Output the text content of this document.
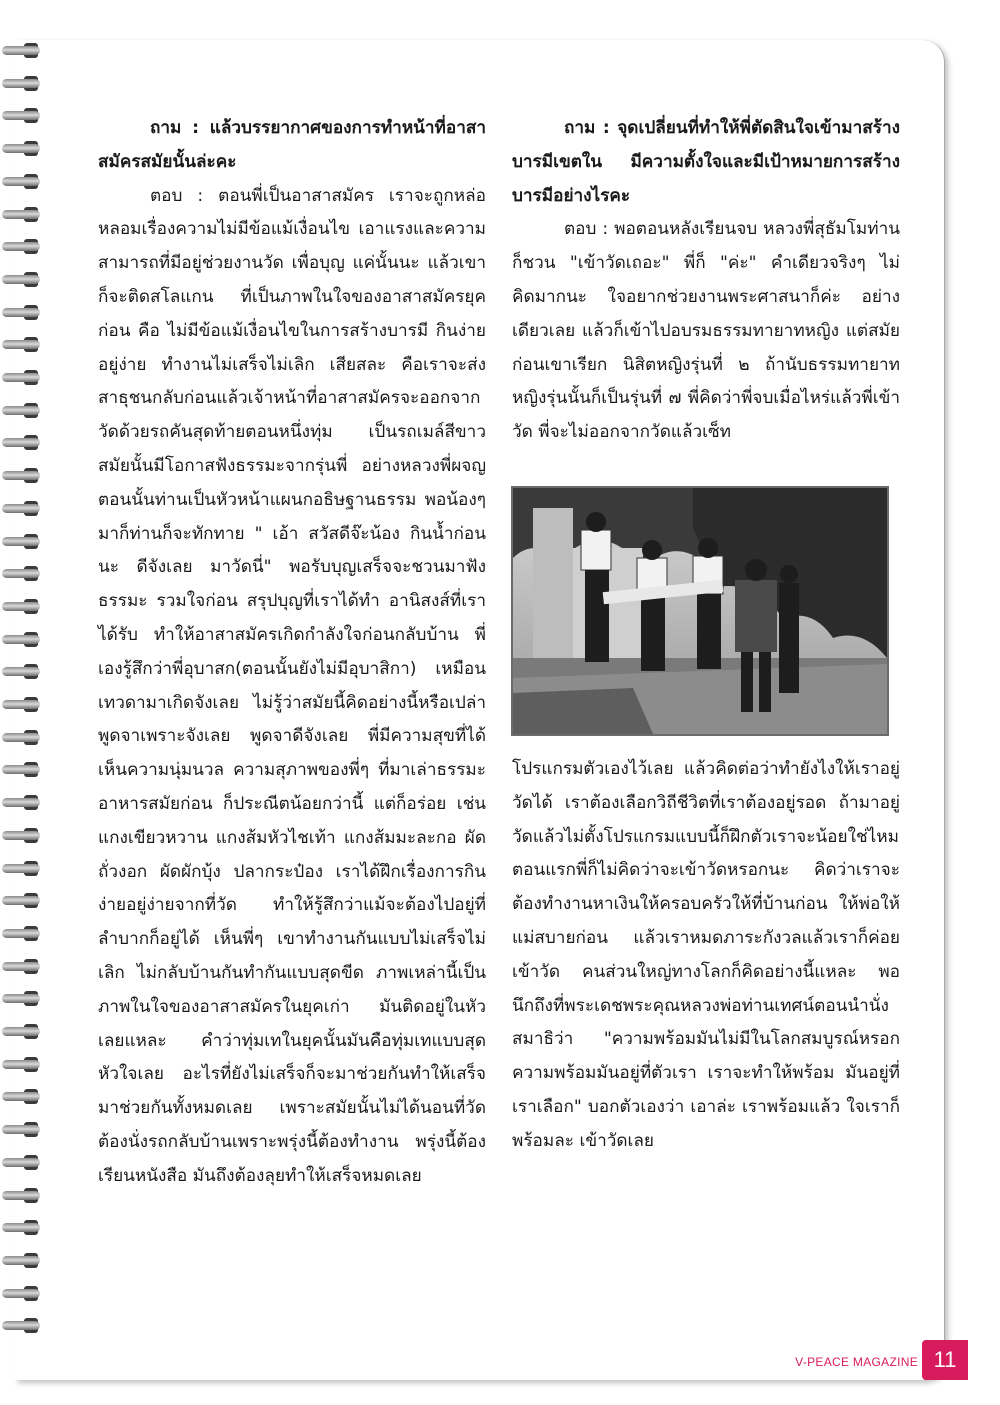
ถาม : แล้วบรรยากาศของการทำหน้าที่อาสาสมัครสมัยนั้นล่ะคะ

ตอบ : ตอนพี่เป็นอาสาสมัคร เราจะถูกหล่อหลอมเรื่องความไม่มีข้อแม้เงื่อนไข เอาแรงและความสามารถที่มีอยู่ช่วยงานวัด เพื่อบุญ แค่นั้นนะ แล้วเขาก็จะติดสโลแกน ที่เป็นภาพในใจของอาสาสมัครยุคก่อน คือ ไม่มีข้อแม้เงื่อนไขในการสร้างบารมี กินง่ายอยู่ง่าย ทำงานไม่เสร็จไม่เลิก เสียสละ คือเราจะส่งสาธุชนกลับก่อนแล้วเจ้าหน้าที่อาสาสมัครจะออกจากวัดด้วยรถคันสุดท้ายตอนหนึ่งทุ่ม เป็นรถเมล์สีขาว สมัยนั้นมีโอกาสฟังธรรมะจากรุ่นพี่ อย่างหลวงพี่ผจญ ตอนนั้นท่านเป็นหัวหน้าแผนกอธิษฐานธรรม พอน้องๆ มาก็ท่านก็จะทักทาย " เอ้า สวัสดีจ๊ะน้อง กินน้ำก่อนนะ ดีจังเลย มาวัดนี่" พอรับบุญเสร็จจะชวนมาฟังธรรมะ รวมใจก่อน สรุปบุญที่เราได้ทำ อานิสงส์ที่เราได้รับ ทำให้อาสาสมัครเกิดกำลังใจก่อนกลับบ้าน พี่เองรู้สึกว่าพี่อุบาสก(ตอนนั้นยังไม่มีอุบาสิกา) เหมือนเทวดามาเกิดจังเลย ไม่รู้ว่าสมัยนี้คิดอย่างนี้หรือเปล่า พูดจาเพราะจังเลย พูดจาดีจังเลย พี่มีความสุขที่ได้เห็นความนุ่มนวล ความสุภาพของพี่ๆ ที่มาเล่าธรรมะ อาหารสมัยก่อน ก็ประณีตน้อยกว่านี้ แต่ก็อร่อย เช่น แกงเขียวหวาน แกงส้มหัวไชเท้า แกงส้มมะละกอ ผัดถั่วงอก ผัดผักบุ้ง ปลากระป๋อง เราได้ฝึกเรื่องการกินง่ายอยู่ง่ายจากที่วัด ทำให้รู้สึกว่าแม้จะต้องไปอยู่ที่ลำบากก็อยู่ได้ เห็นพี่ๆ เขาทำงานกันแบบไม่เสร็จไม่เลิก ไม่กลับบ้านกันทำกันแบบสุดขีด ภาพเหล่านี้เป็นภาพในใจของอาสาสมัครในยุคเก่า มันติดอยู่ในหัวเลยแหละ คำว่าทุ่มเทในยุคนั้นมันคือทุ่มเทแบบสุดหัวใจเลย อะไรที่ยังไม่เสร็จก็จะมาช่วยกันทำให้เสร็จ มาช่วยกันทั้งหมดเลย เพราะสมัยนั้นไม่ได้นอนที่วัด ต้องนั่งรถกลับบ้านเพราะพรุ่งนี้ต้องทำงาน พรุ่งนี้ต้องเรียนหนังสือ มันถึงต้องลุยทำให้เสร็จหมดเลย

ถาม : จุดเปลี่ยนที่ทำให้พี่ตัดสินใจเข้ามาสร้างบารมีเขตใน มีความตั้งใจและมีเป้าหมายการสร้างบารมีอย่างไรคะ

ตอบ : พอตอนหลังเรียนจบ หลวงพี่สุธัมโมท่านก็ชวน "เข้าวัดเถอะ" พี่ก็ "ค่ะ" คำเดียวจริงๆ ไม่คิดมากนะ ใจอยากช่วยงานพระศาสนาก็ค่ะ อย่างเดียวเลย แล้วก็เข้าไปอบรมธรรมทายาทหญิง แต่สมัยก่อนเขาเรียก นิสิตหญิงรุ่นที่ ๒ ถ้านับธรรมทายาทหญิงรุ่นนั้นก็เป็นรุ่นที่ ๗ พี่คิดว่าพี่จบเมื่อไหร่แล้วพี่เข้าวัด พี่จะไม่ออกจากวัดแล้วเซ็ท

โปรแกรมตัวเองไว้เลย แล้วคิดต่อว่าทำยังไงให้เราอยู่วัดได้ เราต้องเลือกวิถีชีวิตที่เราต้องอยู่รอด ถ้ามาอยู่วัดแล้วไม่ตั้งโปรแกรมแบบนี้ก็ฝึกตัวเราจะน้อยใช่ไหม ตอนแรกพี่ก็ไม่คิดว่าจะเข้าวัดหรอกนะ คิดว่าเราจะต้องทำงานหาเงินให้ครอบครัวให้ที่บ้านก่อน ให้พ่อให้แม่สบายก่อน แล้วเราหมดภาระกังวลแล้วเราก็ค่อยเข้าวัด คนส่วนใหญ่ทางโลกก็คิดอย่างนี้แหละ พอนึกถึงที่พระเดชพระคุณหลวงพ่อท่านเทศน์ตอนนำนั่งสมาธิว่า "ความพร้อมมันไม่มีในโลกสมบูรณ์หรอก ความพร้อมมันอยู่ที่ตัวเรา เราจะทำให้พร้อม มันอยู่ที่เราเลือก" บอกตัวเองว่า เอาล่ะ เราพร้อมแล้ว ใจเราก็พร้อมละ เข้าวัดเลย

V-PEACE MAGAZINE 11
